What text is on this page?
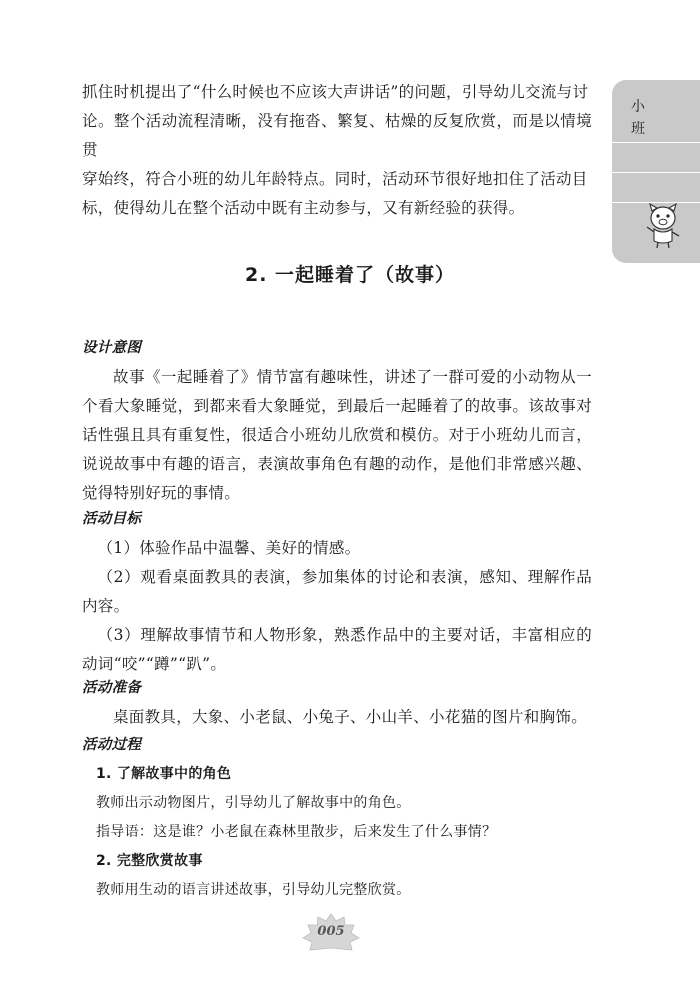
抓住时机提出了“什么时候也不应该大声讲话”的问题，引导幼儿交流与讨

论。整个活动流程清晰，没有拖沓、繁复、枯燥的反复欣赏，而是以情境贯

穿始终，符合小班的幼儿年龄特点。同时，活动环节很好地扣住了活动目

标，使得幼儿在整个活动中既有主动参与，又有新经验的获得。

2. 一起睡着了（故事）

设计意图

故事《一起睡着了》情节富有趣味性，讲述了一群可爱的小动物从一个看大象睡觉，到都来看大象睡觉，到最后一起睡着了的故事。该故事对话性强且具有重复性，很适合小班幼儿欣赏和模仿。对于小班幼儿而言，说说故事中有趣的语言，表演故事角色有趣的动作，是他们非常感兴趣、觉得特别好玩的事情。

活动目标

（1）体验作品中温馨、美好的情感。

（2）观看桌面教具的表演，参加集体的讨论和表演，感知、理解作品内容。

（3）理解故事情节和人物形象，熟悉作品中的主要对话，丰富相应的动词“咬”“蹲”“趴”。

活动准备

桌面教具，大象、小老鼠、小兔子、小山羊、小花猫的图片和胸饰。

活动过程

1. 了解故事中的角色

教师出示动物图片，引导幼儿了解故事中的角色。

指导语：这是谁？小老鼠在森林里散步，后来发生了什么事情？

2. 完整欣赏故事

教师用生动的语言讲述故事，引导幼儿完整欣赏。

小班
005
